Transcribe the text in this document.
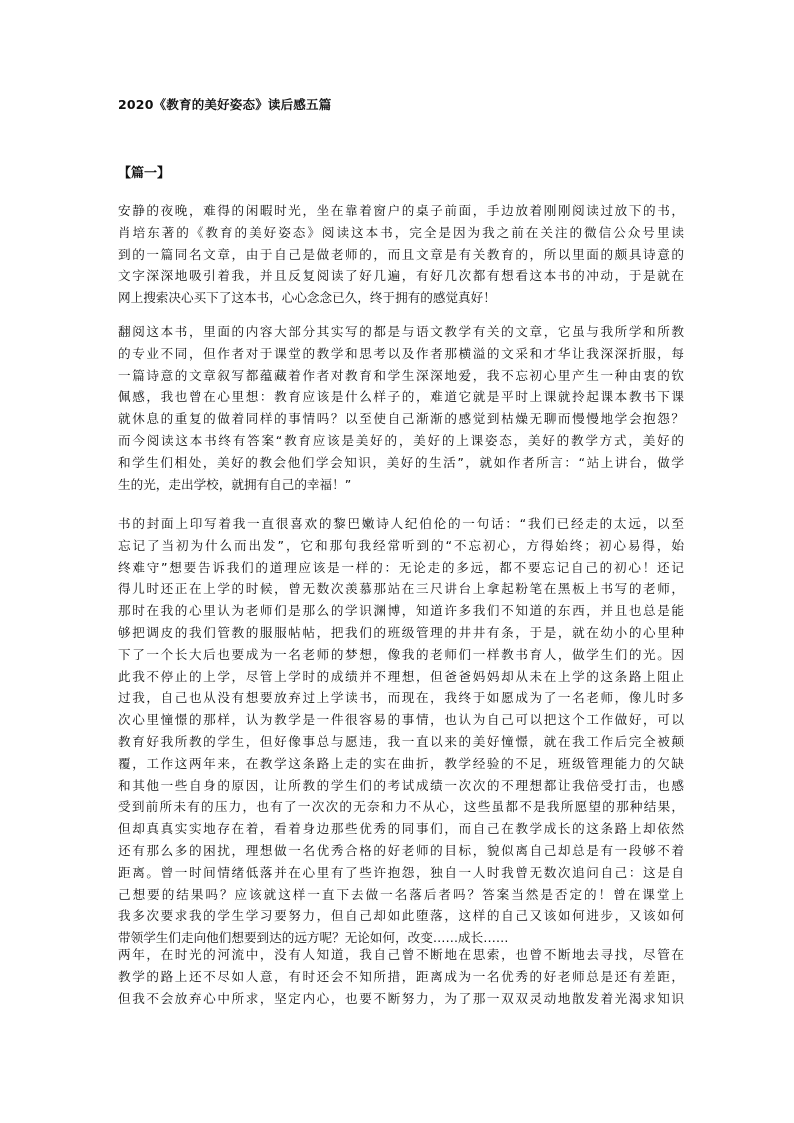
2020《教育的美好姿态》读后感五篇
【篇一】
安静的夜晚，难得的闲暇时光，坐在靠着窗户的桌子前面，手边放着刚刚阅读过放下的书，
肖培东著的《教育的美好姿态》阅读这本书，完全是因为我之前在关注的微信公众号里读
到的一篇同名文章，由于自己是做老师的，而且文章是有关教育的，所以里面的颇具诗意的
文字深深地吸引着我，并且反复阅读了好几遍，有好几次都有想看这本书的冲动，于是就在
网上搜索决心买下了这本书，心心念念已久，终于拥有的感觉真好！
翻阅这本书，里面的内容大部分其实写的都是与语文教学有关的文章，它虽与我所学和所教
的专业不同，但作者对于课堂的教学和思考以及作者那横溢的文采和才华让我深深折服，每
一篇诗意的文章叙写都蕴藏着作者对教育和学生深深地爱，我不忘初心里产生一种由衷的钦
佩感，我也曾在心里想：教育应该是什么样子的，难道它就是平时上课就拎起课本教书下课
就休息的重复的做着同样的事情吗？以至使自己渐渐的感觉到枯燥无聊而慢慢地学会抱怨？
而今阅读这本书终有答案“教育应该是美好的，美好的上课姿态，美好的教学方式，美好的
和学生们相处，美好的教会他们学会知识，美好的生活”，就如作者所言：“站上讲台，做学
生的光，走出学校，就拥有自己的幸福！”
书的封面上印写着我一直很喜欢的黎巴嫩诗人纪伯伦的一句话：“我们已经走的太远，以至
忘记了当初为什么而出发”，它和那句我经常听到的“不忘初心，方得始终；初心易得，始
终难守”想要告诉我们的道理应该是一样的：无论走的多远，都不要忘记自己的初心！还记
得儿时还正在上学的时候，曾无数次羡慕那站在三尺讲台上拿起粉笔在黑板上书写的老师，
那时在我的心里认为老师们是那么的学识渊博，知道许多我们不知道的东西，并且也总是能
够把调皮的我们管教的服服帖帖，把我们的班级管理的井井有条，于是，就在幼小的心里种
下了一个长大后也要成为一名老师的梦想，像我的老师们一样教书育人，做学生们的光。因
此我不停止的上学，尽管上学时的成绩并不理想，但爸爸妈妈却从未在上学的这条路上阻止
过我，自己也从没有想要放弃过上学读书，而现在，我终于如愿成为了一名老师，像儿时多
次心里憧憬的那样，认为教学是一件很容易的事情，也认为自己可以把这个工作做好，可以
教育好我所教的学生，但好像事总与愿违，我一直以来的美好憧憬，就在我工作后完全被颠
覆，工作这两年来，在教学这条路上走的实在曲折，教学经验的不足，班级管理能力的欠缺
和其他一些自身的原因，让所教的学生们的考试成绩一次次的不理想都让我倍受打击，也感
受到前所未有的压力，也有了一次次的无奈和力不从心，这些虽都不是我所愿望的那种结果，
但却真真实实地存在着，看着身边那些优秀的同事们，而自己在教学成长的这条路上却依然
还有那么多的困扰，理想做一名优秀合格的好老师的目标，貌似离自己却总是有一段够不着
距离。曾一时间情绪低落并在心里有了些许抱怨，独自一人时我曾无数次追问自己：这是自
己想要的结果吗？应该就这样一直下去做一名落后者吗？答案当然是否定的！曾在课堂上
我多次要求我的学生学习要努力，但自己却如此堕落，这样的自己又该如何进步，又该如何
带领学生们走向他们想要到达的远方呢？无论如何，改变……成长……
两年，在时光的河流中，没有人知道，我自己曾不断地在思索，也曾不断地去寻找，尽管在
教学的路上还不尽如人意，有时还会不知所措，距离成为一名优秀的好老师总是还有差距，
但我不会放弃心中所求，坚定内心，也要不断努力，为了那一双双灵动地散发着光渴求知识
